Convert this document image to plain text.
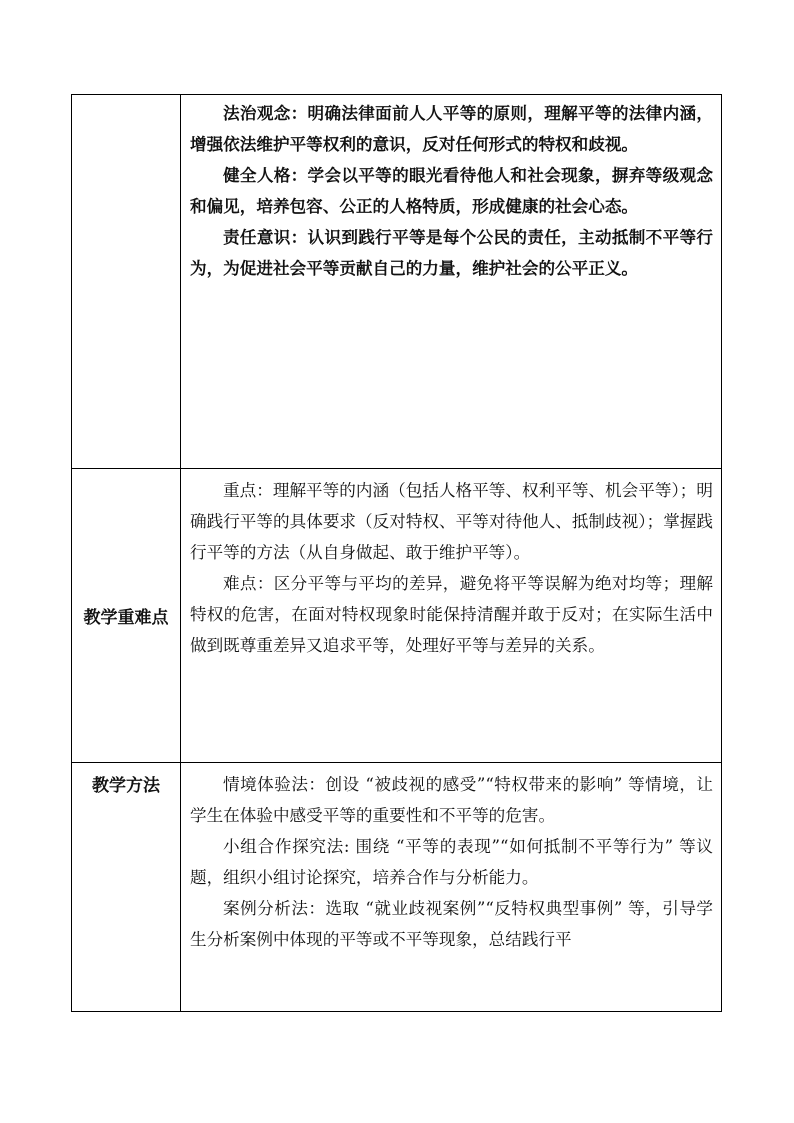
	法治观念：明确法律面前人人平等的原则，理解平等的法律内涵，增强依法维护平等权利的意识，反对任何形式的特权和歧视。

健全人格：学会以平等的眼光看待他人和社会现象，摒弃等级观念和偏见，培养包容、公正的人格特质，形成健康的社会心态。

责任意识：认识到践行平等是每个公民的责任，主动抵制不平等行为，为促进社会平等贡献自己的力量，维护社会的公平正义。

教学重难点	重点：理解平等的内涵（包括人格平等、权利平等、机会平等）；明确践行平等的具体要求（反对特权、平等对待他人、抵制歧视）；掌握践行平等的方法（从自身做起、敢于维护平等）。

难点：区分平等与平均的差异，避免将平等误解为绝对均等；理解特权的危害，在面对特权现象时能保持清醒并敢于反对；在实际生活中做到既尊重差异又追求平等，处理好平等与差异的关系。

教学方法	情境体验法：创设 “被歧视的感受”“特权带来的影响” 等情境，让学生在体验中感受平等的重要性和不平等的危害。

小组合作探究法: 围绕 “平等的表现”“如何抵制不平等行为” 等议题，组织小组讨论探究，培养合作与分析能力。

案例分析法：选取 “就业歧视案例”“反特权典型事例” 等，引导学生分析案例中体现的平等或不平等现象，总结践行平
